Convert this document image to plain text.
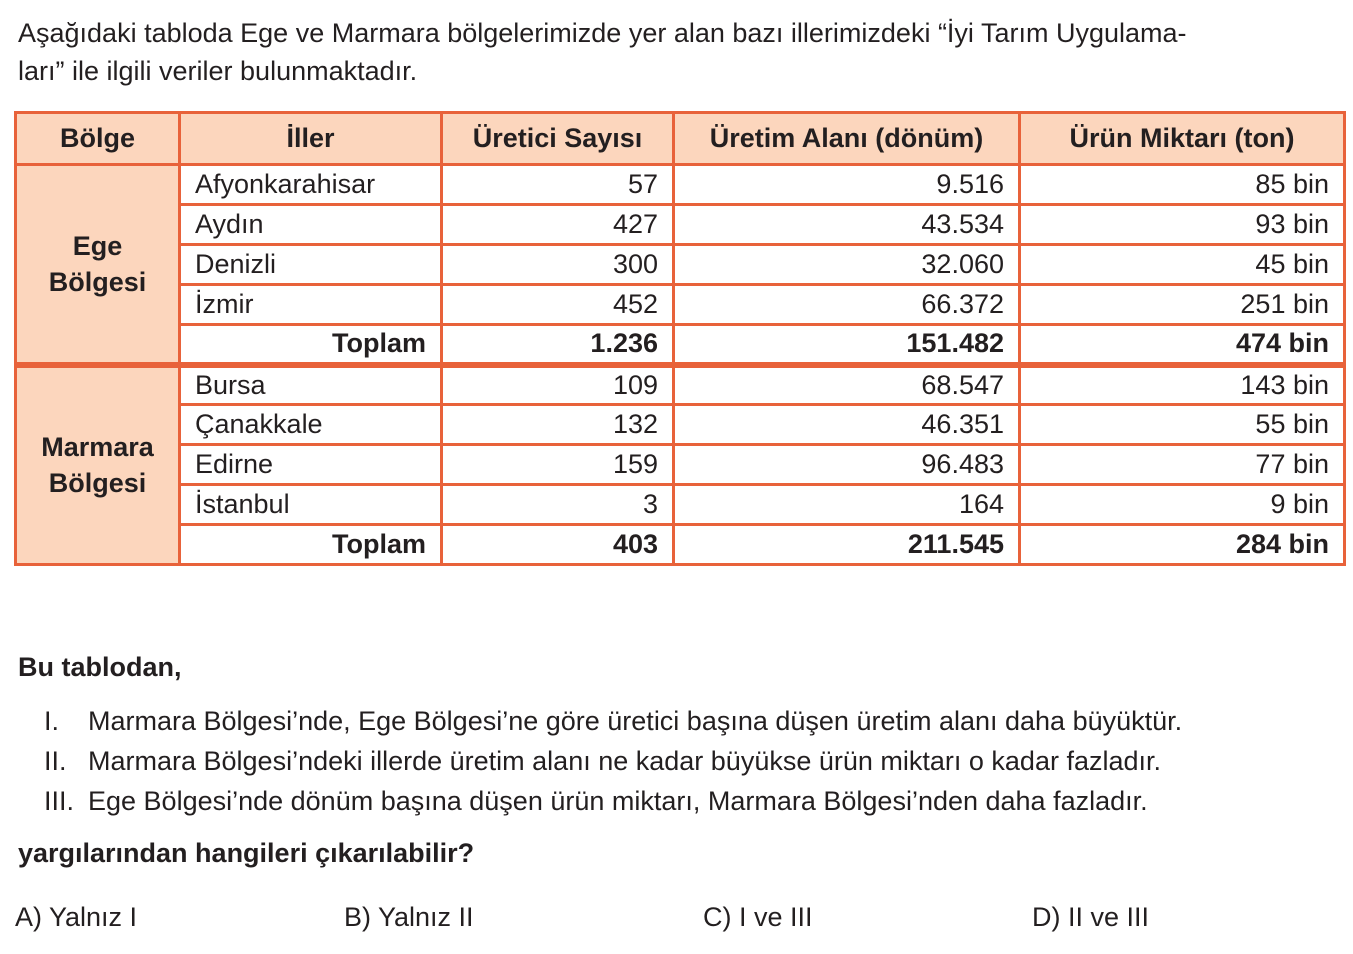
Aşağıdaki tabloda Ege ve Marmara bölgelerimizde yer alan bazı illerimizdeki “İyi Tarım Uygulama-
ları” ile ilgili veriler bulunmaktadır.
Bölge	İller	Üretici Sayısı	Üretim Alanı (dönüm)	Ürün Miktarı (ton)

Ege
Bölgesi	Afyonkarahisar	57	9.516	85 bin
	Aydın	427	43.534	93 bin
	Denizli	300	32.060	45 bin
	İzmir	452	66.372	251 bin
	Toplam	1.236	151.482	474 bin

Marmara
Bölgesi	Bursa	109	68.547	143 bin
	Çanakkale	132	46.351	55 bin
	Edirne	159	96.483	77 bin
	İstanbul	3	164	9 bin
	Toplam	403	211.545	284 bin
Bu tablodan,
I.	Marmara Bölgesi’nde, Ege Bölgesi’ne göre üretici başına düşen üretim alanı daha büyüktür.
II. Marmara Bölgesi’ndeki illerde üretim alanı ne kadar büyükse ürün miktarı o kadar fazladır.
III. Ege Bölgesi’nde dönüm başına düşen ürün miktarı, Marmara Bölgesi’nden daha fazladır.
yargılarından hangileri çıkarılabilir?
A) Yalnız I	B) Yalnız II	C) I ve III	D) II ve III
